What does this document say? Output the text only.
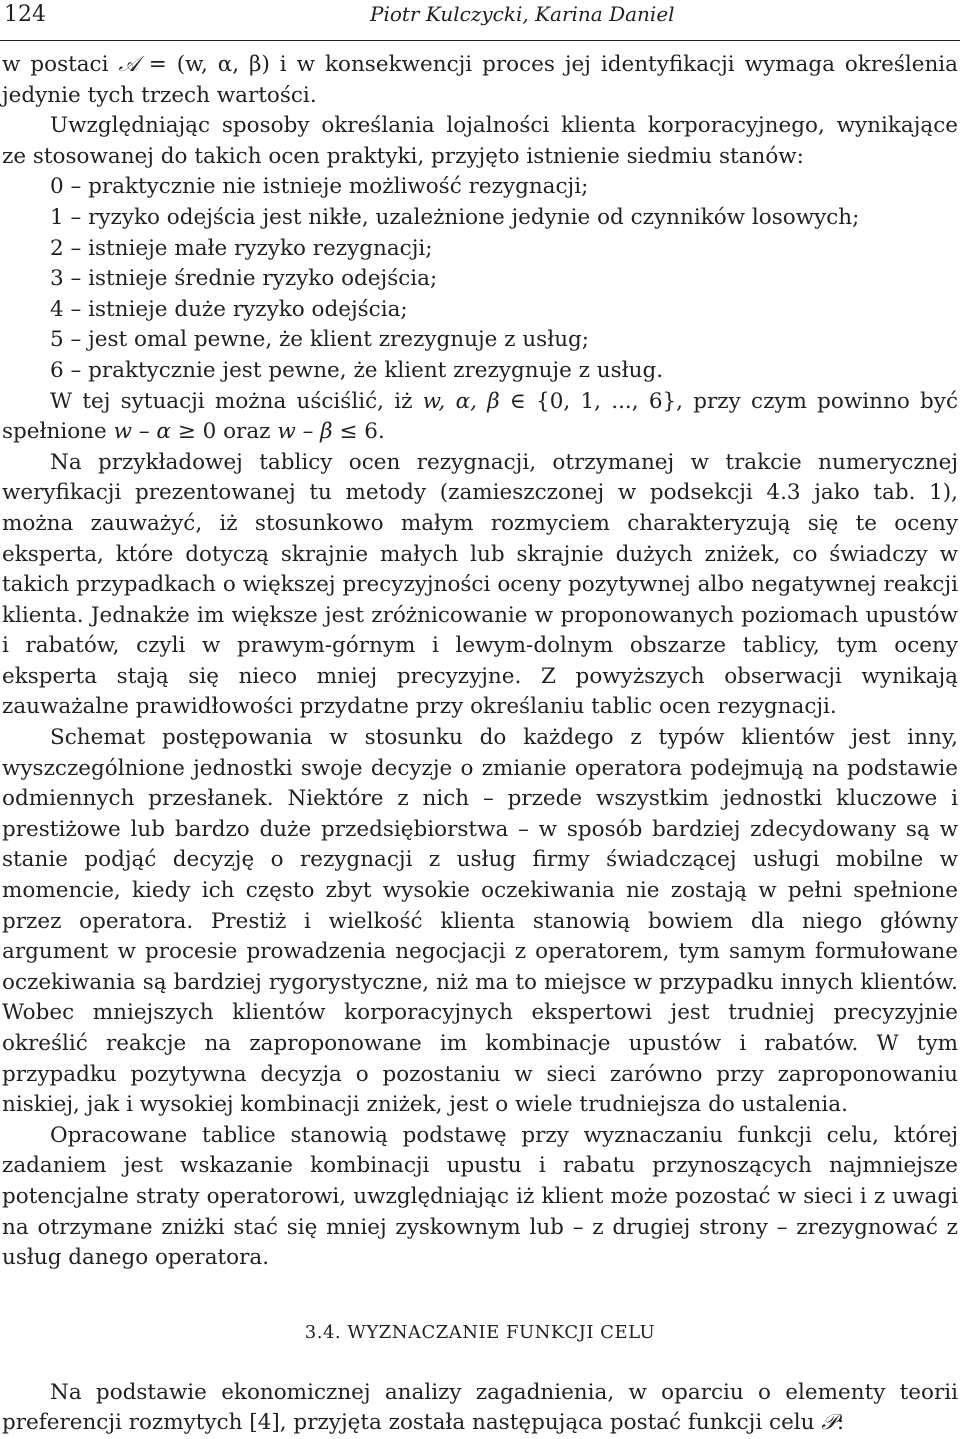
124	Piotr Kulczycki, Karina Daniel

w postaci 𝒜 = (w, α, β) i w konsekwencji proces jej identyfikacji wymaga określenia jedynie tych trzech wartości.

Uwzględniając sposoby określania lojalności klienta korporacyjnego, wynikające ze stosowanej do takich ocen praktyki, przyjęto istnienie siedmiu stanów:

0 – praktycznie nie istnieje możliwość rezygnacji;
1 – ryzyko odejścia jest nikłe, uzależnione jedynie od czynników losowych;
2 – istnieje małe ryzyko rezygnacji;
3 – istnieje średnie ryzyko odejścia;
4 – istnieje duże ryzyko odejścia;
5 – jest omal pewne, że klient zrezygnuje z usług;
6 – praktycznie jest pewne, że klient zrezygnuje z usług.

W tej sytuacji można uściślić, iż w, α, β ∈ {0, 1, ..., 6}, przy czym powinno być spełnione w – α ≥ 0 oraz w – β ≤ 6.

Na przykładowej tablicy ocen rezygnacji, otrzymanej w trakcie numerycznej weryfikacji prezentowanej tu metody (zamieszczonej w podsekcji 4.3 jako tab. 1), można zauważyć, iż stosunkowo małym rozmyciem charakteryzują się te oceny eksperta, które dotyczą skrajnie małych lub skrajnie dużych zniżek, co świadczy w takich przypadkach o większej precyzyjności oceny pozytywnej albo negatywnej reakcji klienta. Jednakże im większe jest zróżnicowanie w proponowanych poziomach upustów i rabatów, czyli w prawym-górnym i lewym-dolnym obszarze tablicy, tym oceny eksperta stają się nieco mniej precyzyjne. Z powyższych obserwacji wynikają zauważalne prawidłowości przydatne przy określaniu tablic ocen rezygnacji.

Schemat postępowania w stosunku do każdego z typów klientów jest inny, wyszczególnione jednostki swoje decyzje o zmianie operatora podejmują na podstawie odmiennych przesłanek. Niektóre z nich – przede wszystkim jednostki kluczowe i prestiżowe lub bardzo duże przedsiębiorstwa – w sposób bardziej zdecydowany są w stanie podjąć decyzję o rezygnacji z usług firmy świadczącej usługi mobilne w momencie, kiedy ich często zbyt wysokie oczekiwania nie zostają w pełni spełnione przez operatora. Prestiż i wielkość klienta stanowią bowiem dla niego główny argument w procesie prowadzenia negocjacji z operatorem, tym samym formułowane oczekiwania są bardziej rygorystyczne, niż ma to miejsce w przypadku innych klientów. Wobec mniejszych klientów korporacyjnych ekspertowi jest trudniej precyzyjnie określić reakcje na zaproponowane im kombinacje upustów i rabatów. W tym przypadku pozytywna decyzja o pozostaniu w sieci zarówno przy zaproponowaniu niskiej, jak i wysokiej kombinacji zniżek, jest o wiele trudniejsza do ustalenia.

Opracowane tablice stanowią podstawę przy wyznaczaniu funkcji celu, której zadaniem jest wskazanie kombinacji upustu i rabatu przynoszących najmniejsze potencjalne straty operatorowi, uwzględniając iż klient może pozostać w sieci i z uwagi na otrzymane zniżki stać się mniej zyskownym lub – z drugiej strony – zrezygnować z usług danego operatora.

3.4. WYZNACZANIE FUNKCJI CELU

Na podstawie ekonomicznej analizy zagadnienia, w oparciu o elementy teorii preferencji rozmytych [4], przyjęta została następująca postać funkcji celu 𝒫:
